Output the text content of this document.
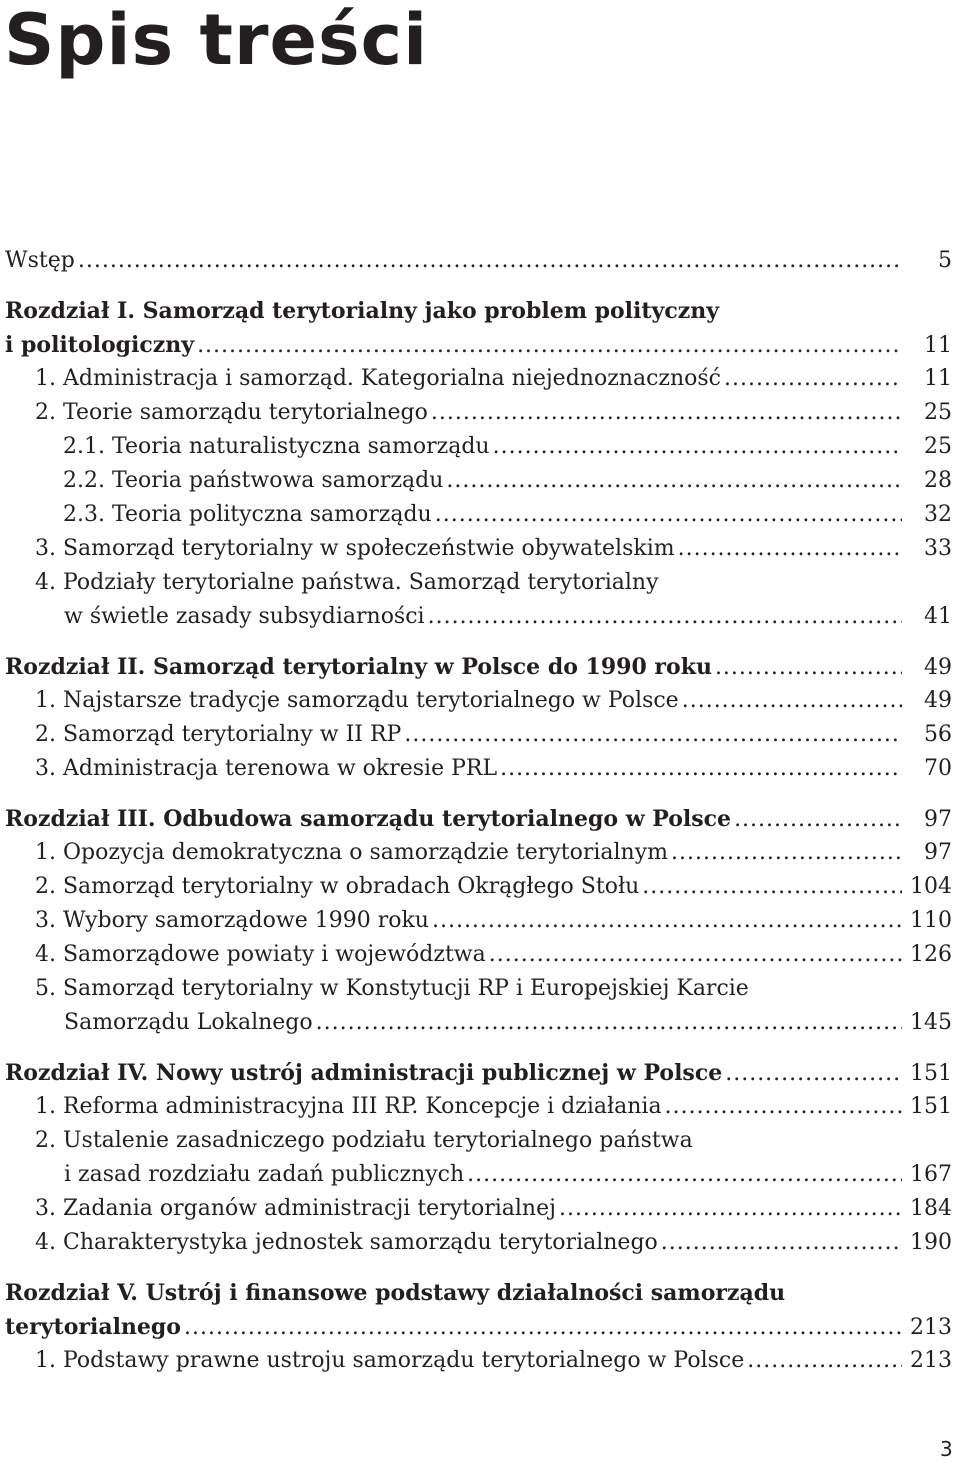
Spis treści
Wstęp .....	5
Rozdział I. Samorząd terytorialny jako problem polityczny
i politologiczny .....	11
1. Administracja i samorząd. Kategorialna niejednoznaczność .....	11
2. Teorie samorządu terytorialnego .....	25
2.1. Teoria naturalistyczna samorządu .....	25
2.2. Teoria państwowa samorządu .....	28
2.3. Teoria polityczna samorządu .....	32
3. Samorząd terytorialny w społeczeństwie obywatelskim .....	33
4. Podziały terytorialne państwa. Samorząd terytorialny
w świetle zasady subsydiarności .....	41
Rozdział II. Samorząd terytorialny w Polsce do 1990 roku .....	49
1. Najstarsze tradycje samorządu terytorialnego w Polsce .....	49
2. Samorząd terytorialny w II RP .....	56
3. Administracja terenowa w okresie PRL .....	70
Rozdział III. Odbudowa samorządu terytorialnego w Polsce .....	97
1. Opozycja demokratyczna o samorządzie terytorialnym .....	97
2. Samorząd terytorialny w obradach Okrągłego Stołu .....	104
3. Wybory samorządowe 1990 roku .....	110
4. Samorządowe powiaty i województwa .....	126
5. Samorząd terytorialny w Konstytucji RP i Europejskiej Karcie
Samorządu Lokalnego .....	145
Rozdział IV. Nowy ustrój administracji publicznej w Polsce .....	151
1. Reforma administracyjna III RP. Koncepcje i działania .....	151
2. Ustalenie zasadniczego podziału terytorialnego państwa
i zasad rozdziału zadań publicznych .....	167
3. Zadania organów administracji terytorialnej .....	184
4. Charakterystyka jednostek samorządu terytorialnego .....	190
Rozdział V. Ustrój i finansowe podstawy działalności samorządu
terytorialnego .....	213
1. Podstawy prawne ustroju samorządu terytorialnego w Polsce .....	213
3
